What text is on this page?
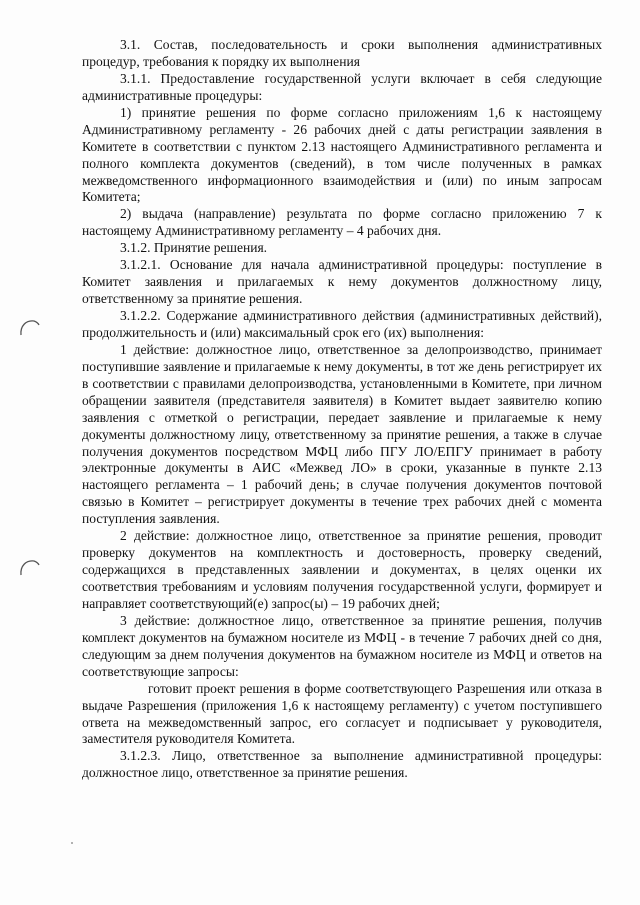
3.1. Состав, последовательность и сроки выполнения административных процедур, требования к порядку их выполнения

3.1.1. Предоставление государственной услуги включает в себя следующие административные процедуры:

1) принятие решения по форме согласно приложениям 1,6 к настоящему Административному регламенту - 26 рабочих дней с даты регистрации заявления в Комитете в соответствии с пунктом 2.13 настоящего Административного регламента и полного комплекта документов (сведений), в том числе полученных в рамках межведомственного информационного взаимодействия и (или) по иным запросам Комитета;

2) выдача (направление) результата по форме согласно приложению 7 к настоящему Административному регламенту – 4 рабочих дня.

3.1.2. Принятие решения.

3.1.2.1. Основание для начала административной процедуры: поступление в Комитет заявления и прилагаемых к нему документов должностному лицу, ответственному за принятие решения.

3.1.2.2. Содержание административного действия (административных действий), продолжительность и (или) максимальный срок его (их) выполнения:

1 действие: должностное лицо, ответственное за делопроизводство, принимает поступившие заявление и прилагаемые к нему документы, в тот же день регистрирует их в соответствии с правилами делопроизводства, установленными в Комитете, при личном обращении заявителя (представителя заявителя) в Комитет выдает заявителю копию заявления с отметкой о регистрации, передает заявление и прилагаемые к нему документы должностному лицу, ответственному за принятие решения, а также в случае получения документов посредством МФЦ либо ПГУ ЛО/ЕПГУ принимает в работу электронные документы в АИС «Межвед ЛО» в сроки, указанные в пункте 2.13 настоящего регламента – 1 рабочий день; в случае получения документов почтовой связью в Комитет – регистрирует документы в течение трех рабочих дней с момента поступления заявления.

2 действие: должностное лицо, ответственное за принятие решения, проводит проверку документов на комплектность и достоверность, проверку сведений, содержащихся в представленных заявлении и документах, в целях оценки их соответствия требованиям и условиям получения государственной услуги, формирует и направляет соответствующий(е) запрос(ы) – 19 рабочих дней;

3 действие: должностное лицо, ответственное за принятие решения, получив комплект документов на бумажном носителе из МФЦ - в течение 7 рабочих дней со дня, следующим за днем получения документов на бумажном носителе из МФЦ и ответов на соответствующие запросы:

готовит проект решения в форме соответствующего Разрешения или отказа в выдаче Разрешения (приложения 1,6 к настоящему регламенту) с учетом поступившего ответа на межведомственный запрос, его согласует и подписывает у руководителя, заместителя руководителя Комитета.

3.1.2.3. Лицо, ответственное за выполнение административной процедуры: должностное лицо, ответственное за принятие решения.
